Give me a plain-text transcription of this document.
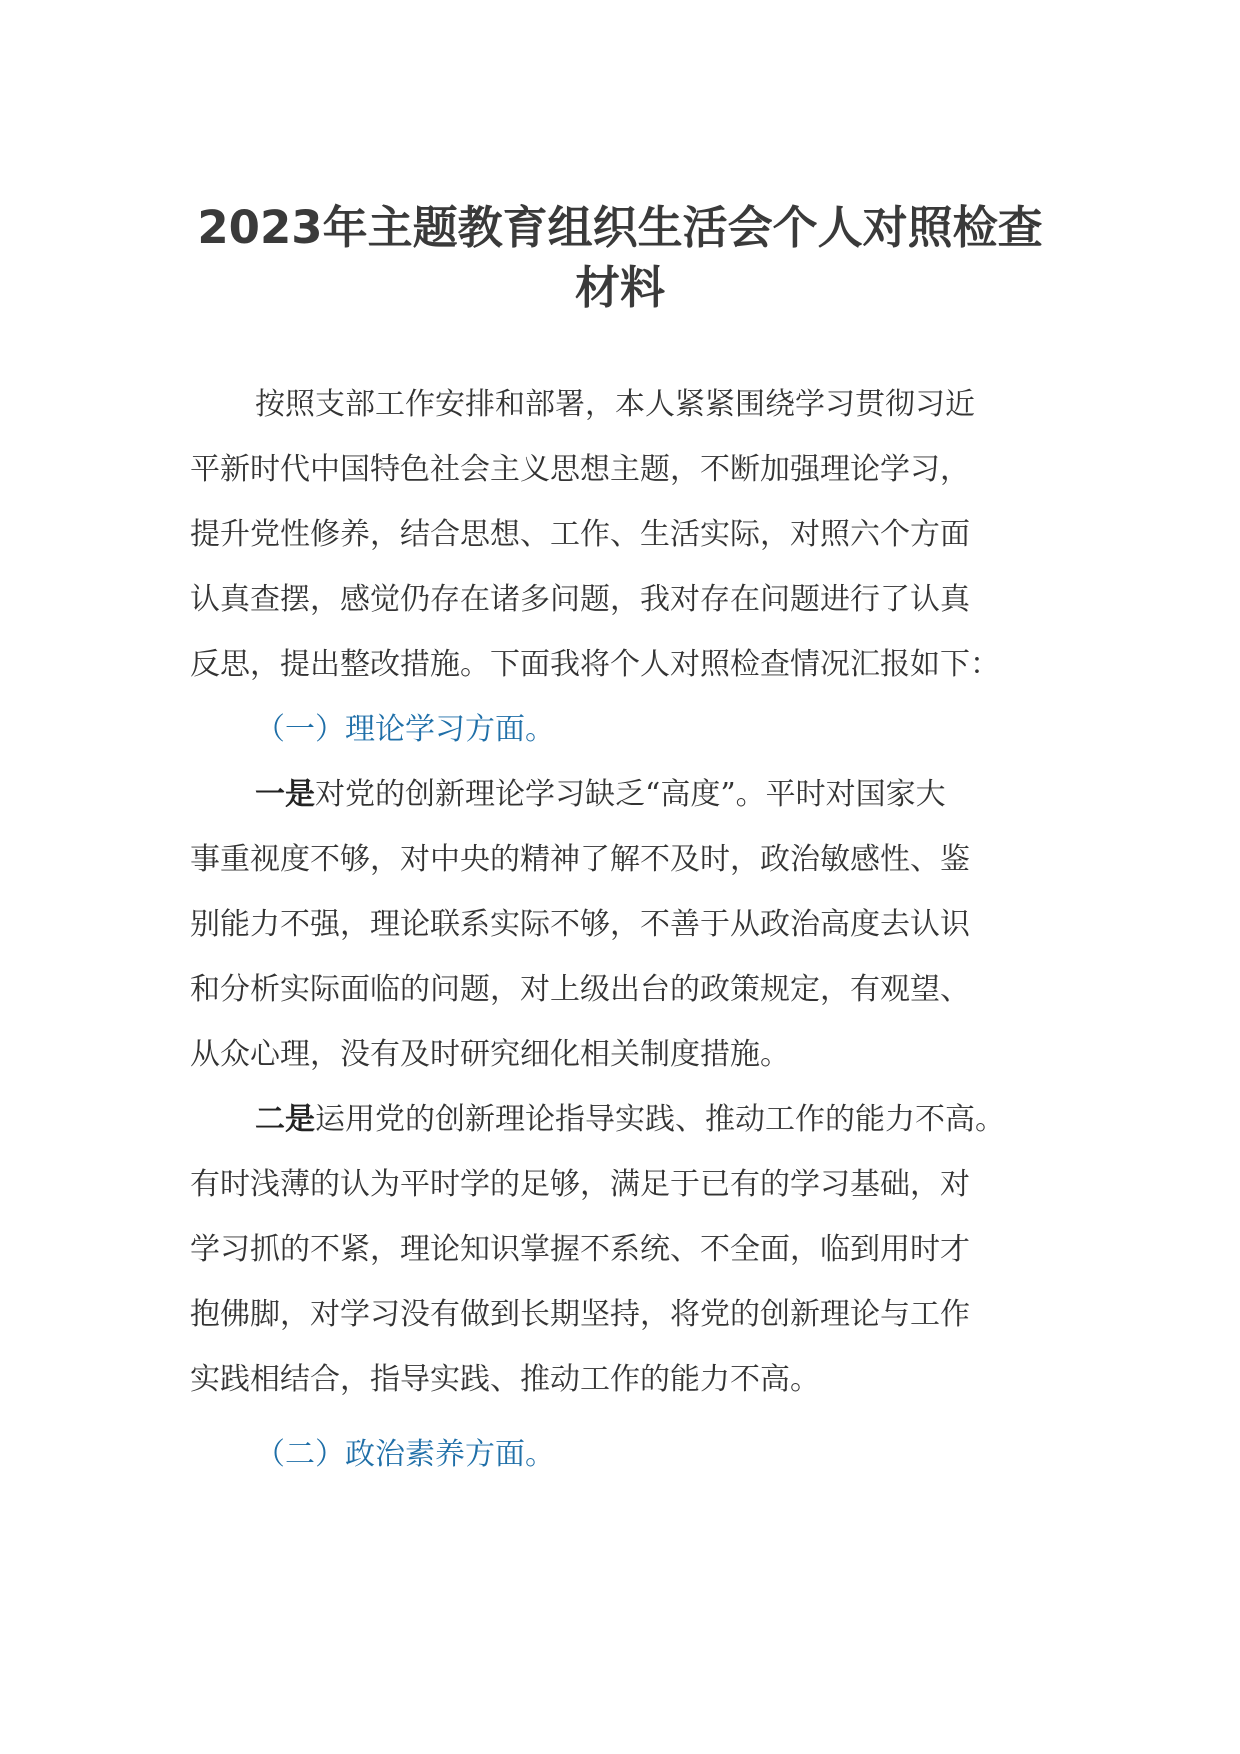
2023年主题教育组织生活会个人对照检查
材料

按照支部工作安排和部署，本人紧紧围绕学习贯彻习近
平新时代中国特色社会主义思想主题，不断加强理论学习，
提升党性修养，结合思想、工作、生活实际，对照六个方面
认真查摆，感觉仍存在诸多问题，我对存在问题进行了认真
反思，提出整改措施。下面我将个人对照检查情况汇报如下：

（一）理论学习方面。

一是对党的创新理论学习缺乏“高度”。平时对国家大
事重视度不够，对中央的精神了解不及时，政治敏感性、鉴
别能力不强，理论联系实际不够，不善于从政治高度去认识
和分析实际面临的问题，对上级出台的政策规定，有观望、
从众心理，没有及时研究细化相关制度措施。

二是运用党的创新理论指导实践、推动工作的能力不高。
有时浅薄的认为平时学的足够，满足于已有的学习基础，对
学习抓的不紧，理论知识掌握不系统、不全面，临到用时才
抱佛脚，对学习没有做到长期坚持，将党的创新理论与工作
实践相结合，指导实践、推动工作的能力不高。

（二）政治素养方面。
